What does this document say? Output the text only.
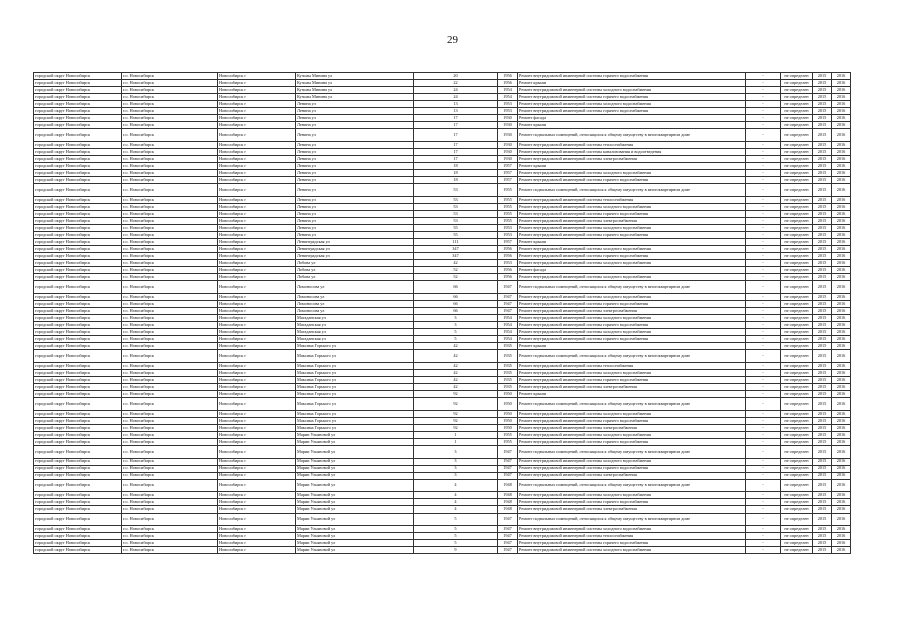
29
городской округ Новосибирск	г.о. Новосибирск	Новосибирск г	Кузьмы Минина ул	20	1956	Ремонт внутридомовой инженерной системы горячего водоснабжения	-	не определен	2015	2016
городской округ Новосибирск	г.о. Новосибирск	Новосибирск г	Кузьмы Минина ул	22	1956	Ремонт крыши	-	не определен	2015	2016
городской округ Новосибирск	г.о. Новосибирск	Новосибирск г	Кузьмы Минина ул	24	1954	Ремонт внутридомовой инженерной системы холодного водоснабжения	-	не определен	2015	2016
городской округ Новосибирск	г.о. Новосибирск	Новосибирск г	Кузьмы Минина ул	24	1954	Ремонт внутридомовой инженерной системы горячего водоснабжения	-	не определен	2015	2016
городской округ Новосибирск	г.о. Новосибирск	Новосибирск г	Ленина ул	13	1953	Ремонт внутридомовой инженерной системы холодного водоснабжения	-	не определен	2015	2016
городской округ Новосибирск	г.о. Новосибирск	Новосибирск г	Ленина ул	13	1953	Ремонт внутридомовой инженерной системы горячего водоснабжения	-	не определен	2015	2016
городской округ Новосибирск	г.о. Новосибирск	Новосибирск г	Ленина ул	17	1930	Ремонт фасада	-	не определен	2015	2016
городской округ Новосибирск	г.о. Новосибирск	Новосибирск г	Ленина ул	17	1930	Ремонт крыши	-	не определен	2015	2016
городской округ Новосибирск	г.о. Новосибирск	Новосибирск г	Ленина ул	17	1930	Ремонт подвальных помещений, относящихся к общему имуществу в многоквартирном доме	-	не определен	2015	2016
городской округ Новосибирск	г.о. Новосибирск	Новосибирск г	Ленина ул	17	1930	Ремонт внутридомовой инженерной системы теплоснабжения	-	не определен	2015	2016
городской округ Новосибирск	г.о. Новосибирск	Новосибирск г	Ленина ул	17	1930	Ремонт внутридомовой инженерной системы канализования и водоотведения	-	не определен	2015	2016
городской округ Новосибирск	г.о. Новосибирск	Новосибирск г	Ленина ул	17	1930	Ремонт внутридомовой инженерной системы электроснабжения	-	не определен	2015	2016
городской округ Новосибирск	г.о. Новосибирск	Новосибирск г	Ленина ул	18	1957	Ремонт крыши	-	не определен	2015	2016
городской округ Новосибирск	г.о. Новосибирск	Новосибирск г	Ленина ул	18	1957	Ремонт внутридомовой инженерной системы холодного водоснабжения	-	не определен	2015	2016
городской округ Новосибирск	г.о. Новосибирск	Новосибирск г	Ленина ул	18	1957	Ремонт внутридомовой инженерной системы горячего водоснабжения	-	не определен	2015	2016
городской округ Новосибирск	г.о. Новосибирск	Новосибирск г	Ленина ул	53	1955	Ремонт подвальных помещений, относящихся к общему имуществу в многоквартирном доме	-	не определен	2015	2016
городской округ Новосибирск	г.о. Новосибирск	Новосибирск г	Ленина ул	53	1955	Ремонт внутридомовой инженерной системы теплоснабжения	-	не определен	2015	2016
городской округ Новосибирск	г.о. Новосибирск	Новосибирск г	Ленина ул	53	1955	Ремонт внутридомовой инженерной системы холодного водоснабжения	-	не определен	2015	2016
городской округ Новосибирск	г.о. Новосибирск	Новосибирск г	Ленина ул	53	1955	Ремонт внутридомовой инженерной системы горячего водоснабжения	-	не определен	2015	2016
городской округ Новосибирск	г.о. Новосибирск	Новосибирск г	Ленина ул	53	1955	Ремонт внутридомовой инженерной системы электроснабжения	-	не определен	2015	2016
городской округ Новосибирск	г.о. Новосибирск	Новосибирск г	Ленина ул	55	1953	Ремонт внутридомовой инженерной системы холодного водоснабжения	-	не определен	2015	2016
городской округ Новосибирск	г.о. Новосибирск	Новосибирск г	Ленина ул	55	1953	Ремонт внутридомовой инженерной системы горячего водоснабжения	-	не определен	2015	2016
городской округ Новосибирск	г.о. Новосибирск	Новосибирск г	Ленинградская ул	111	1957	Ремонт крыши	-	не определен	2015	2016
городской округ Новосибирск	г.о. Новосибирск	Новосибирск г	Ленинградская ул	347	1956	Ремонт внутридомовой инженерной системы холодного водоснабжения	-	не определен	2015	2016
городской округ Новосибирск	г.о. Новосибирск	Новосибирск г	Ленинградская ул	347	1956	Ремонт внутридомовой инженерной системы горячего водоснабжения	-	не определен	2015	2016
городской округ Новосибирск	г.о. Новосибирск	Новосибирск г	Лобова ул	42	1953	Ремонт внутридомовой инженерной системы холодного водоснабжения	-	не определен	2015	2016
городской округ Новосибирск	г.о. Новосибирск	Новосибирск г	Лобова ул	52	1956	Ремонт фасада	-	не определен	2015	2016
городской округ Новосибирск	г.о. Новосибирск	Новосибирск г	Лобова ул	52	1956	Ремонт внутридомовой инженерной системы холодного водоснабжения	-	не определен	2015	2016
городской округ Новосибирск	г.о. Новосибирск	Новосибирск г	Ломоносова ул	66	1947	Ремонт подвальных помещений, относящихся к общему имуществу в многоквартирном доме	-	не определен	2015	2016
городской округ Новосибирск	г.о. Новосибирск	Новосибирск г	Ломоносова ул	66	1947	Ремонт внутридомовой инженерной системы холодного водоснабжения	-	не определен	2015	2016
городской округ Новосибирск	г.о. Новосибирск	Новосибирск г	Ломоносова ул	66	1947	Ремонт внутридомовой инженерной системы горячего водоснабжения	-	не определен	2015	2016
городской округ Новосибирск	г.о. Новосибирск	Новосибирск г	Ломоносова ул	66	1947	Ремонт внутридомовой инженерной системы электроснабжения	-	не определен	2015	2016
городской округ Новосибирск	г.о. Новосибирск	Новосибирск г	Магаданская ул	3	1954	Ремонт внутридомовой инженерной системы холодного водоснабжения	-	не определен	2015	2016
городской округ Новосибирск	г.о. Новосибирск	Новосибирск г	Магаданская ул	3	1954	Ремонт внутридомовой инженерной системы горячего водоснабжения	-	не определен	2015	2016
городской округ Новосибирск	г.о. Новосибирск	Новосибирск г	Магаданская ул	5	1954	Ремонт внутридомовой инженерной системы холодного водоснабжения	-	не определен	2015	2016
городской округ Новосибирск	г.о. Новосибирск	Новосибирск г	Магаданская ул	5	1954	Ремонт внутридомовой инженерной системы горячего водоснабжения	-	не определен	2015	2016
городской округ Новосибирск	г.о. Новосибирск	Новосибирск г	Максима Горького ул	42	1935	Ремонт крыши	-	не определен	2015	2016
городской округ Новосибирск	г.о. Новосибирск	Новосибирск г	Максима Горького ул	42	1935	Ремонт подвальных помещений, относящихся к общему имуществу в многоквартирном доме	-	не определен	2015	2016
городской округ Новосибирск	г.о. Новосибирск	Новосибирск г	Максима Горького ул	42	1935	Ремонт внутридомовой инженерной системы теплоснабжения	-	не определен	2015	2016
городской округ Новосибирск	г.о. Новосибирск	Новосибирск г	Максима Горького ул	42	1935	Ремонт внутридомовой инженерной системы холодного водоснабжения	-	не определен	2015	2016
городской округ Новосибирск	г.о. Новосибирск	Новосибирск г	Максима Горького ул	42	1935	Ремонт внутридомовой инженерной системы горячего водоснабжения	-	не определен	2015	2016
городской округ Новосибирск	г.о. Новосибирск	Новосибирск г	Максима Горького ул	42	1935	Ремонт внутридомовой инженерной системы электроснабжения	-	не определен	2015	2016
городской округ Новосибирск	г.о. Новосибирск	Новосибирск г	Максима Горького ул	92	1950	Ремонт крыши	-	не определен	2015	2016
городской округ Новосибирск	г.о. Новосибирск	Новосибирск г	Максима Горького ул	92	1950	Ремонт подвальных помещений, относящихся к общему имуществу в многоквартирном доме	-	не определен	2015	2016
городской округ Новосибирск	г.о. Новосибирск	Новосибирск г	Максима Горького ул	92	1950	Ремонт внутридомовой инженерной системы холодного водоснабжения	-	не определен	2015	2016
городской округ Новосибирск	г.о. Новосибирск	Новосибирск г	Максима Горького ул	92	1950	Ремонт внутридомовой инженерной системы горячего водоснабжения	-	не определен	2015	2016
городской округ Новосибирск	г.о. Новосибирск	Новосибирск г	Максима Горького ул	92	1950	Ремонт внутридомовой инженерной системы электроснабжения	-	не определен	2015	2016
городской округ Новосибирск	г.о. Новосибирск	Новосибирск г	Марии Ульяновой ул	1	1955	Ремонт внутридомовой инженерной системы холодного водоснабжения	-	не определен	2015	2016
городской округ Новосибирск	г.о. Новосибирск	Новосибирск г	Марии Ульяновой ул	1	1955	Ремонт внутридомовой инженерной системы горячего водоснабжения	-	не определен	2015	2016
городской округ Новосибирск	г.о. Новосибирск	Новосибирск г	Марии Ульяновой ул	3	1947	Ремонт подвальных помещений, относящихся к общему имуществу в многоквартирном доме	-	не определен	2015	2016
городской округ Новосибирск	г.о. Новосибирск	Новосибирск г	Марии Ульяновой ул	3	1947	Ремонт внутридомовой инженерной системы холодного водоснабжения	-	не определен	2015	2016
городской округ Новосибирск	г.о. Новосибирск	Новосибирск г	Марии Ульяновой ул	3	1947	Ремонт внутридомовой инженерной системы горячего водоснабжения	-	не определен	2015	2016
городской округ Новосибирск	г.о. Новосибирск	Новосибирск г	Марии Ульяновой ул	3	1947	Ремонт внутридомовой инженерной системы электроснабжения	-	не определен	2015	2016
городской округ Новосибирск	г.о. Новосибирск	Новосибирск г	Марии Ульяновой ул	4	1948	Ремонт подвальных помещений, относящихся к общему имуществу в многоквартирном доме	-	не определен	2015	2016
городской округ Новосибирск	г.о. Новосибирск	Новосибирск г	Марии Ульяновой ул	4	1948	Ремонт внутридомовой инженерной системы холодного водоснабжения	-	не определен	2015	2016
городской округ Новосибирск	г.о. Новосибирск	Новосибирск г	Марии Ульяновой ул	4	1948	Ремонт внутридомовой инженерной системы горячего водоснабжения	-	не определен	2015	2016
городской округ Новосибирск	г.о. Новосибирск	Новосибирск г	Марии Ульяновой ул	4	1948	Ремонт внутридомовой инженерной системы электроснабжения	-	не определен	2015	2016
городской округ Новосибирск	г.о. Новосибирск	Новосибирск г	Марии Ульяновой ул	5	1947	Ремонт подвальных помещений, относящихся к общему имуществу в многоквартирном доме	-	не определен	2015	2016
городской округ Новосибирск	г.о. Новосибирск	Новосибирск г	Марии Ульяновой ул	5	1947	Ремонт внутридомовой инженерной системы холодного водоснабжения	-	не определен	2015	2016
городской округ Новосибирск	г.о. Новосибирск	Новосибирск г	Марии Ульяновой ул	5	1947	Ремонт внутридомовой инженерной системы теплоснабжения	-	не определен	2015	2016
городской округ Новосибирск	г.о. Новосибирск	Новосибирск г	Марии Ульяновой ул	5	1947	Ремонт внутридомовой инженерной системы горячего водоснабжения	-	не определен	2015	2016
городской округ Новосибирск	г.о. Новосибирск	Новосибирск г	Марии Ульяновой ул	9	1947	Ремонт внутридомовой инженерной системы холодного водоснабжения	-	не определен	2015	2016
